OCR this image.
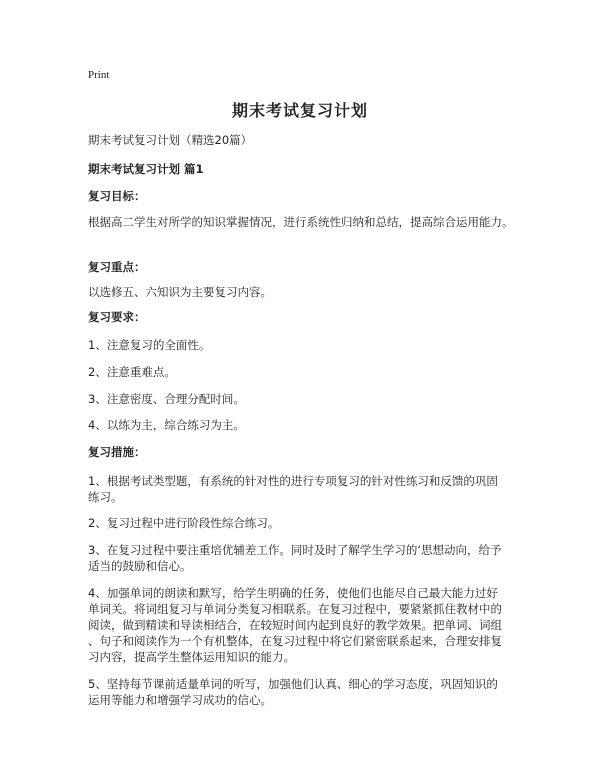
Print
期末考试复习计划

期末考试复习计划（精选20篇）

期末考试复习计划 篇1

复习目标：

根据高二学生对所学的知识掌握情况，进行系统性归纳和总结，提高综合运用能力。

复习重点：

以选修五、六知识为主要复习内容。

复习要求：

1、注意复习的全面性。

2、注意重难点。

3、注意密度、合理分配时间。

4、以练为主，综合练习为主。

复习措施：

1、根据考试类型题，有系统的针对性的进行专项复习的针对性练习和反馈的巩固

练习。

2、复习过程中进行阶段性综合练习。

3、在复习过程中要注重培优辅差工作。同时及时了解学生学习的‘思想动向，给予

适当的鼓励和信心。

4、加强单词的朗读和默写，给学生明确的任务，使他们也能尽自己最大能力过好

单词关。将词组复习与单词分类复习相联系。在复习过程中，要紧紧抓住教材中的

阅读，做到精读和导读相结合，在较短时间内起到良好的教学效果。把单词、词组

、句子和阅读作为一个有机整体，在复习过程中将它们紧密联系起来，合理安排复

习内容，提高学生整体运用知识的能力。

5、坚持每节课前适量单词的听写，加强他们认真、细心的学习态度，巩固知识的

运用等能力和增强学习成功的信心。
